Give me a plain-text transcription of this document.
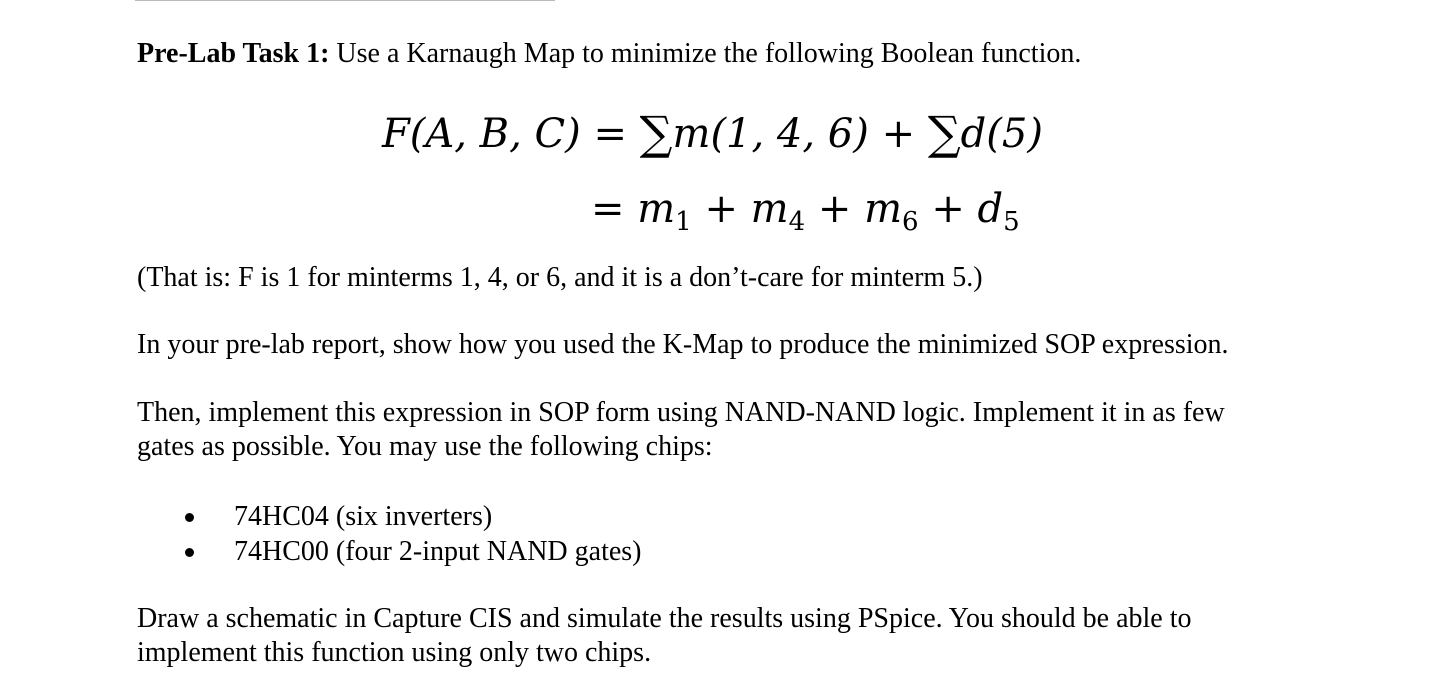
Pre-Lab Task 1: Use a Karnaugh Map to minimize the following Boolean function.
F(A, B, C) = ∑m(1, 4, 6) + ∑d(5)
= $m_1 + m_4 + m_6 + d_5$
(That is: F is 1 for minterms 1, 4, or 6, and it is a don’t-care for minterm 5.)
In your pre-lab report, show how you used the K-Map to produce the minimized SOP expression.
Then, implement this expression in SOP form using NAND-NAND logic. Implement it in as few
gates as possible. You may use the following chips:
74HC04 (six inverters)
74HC00 (four 2-input NAND gates)
Draw a schematic in Capture CIS and simulate the results using PSpice. You should be able to
implement this function using only two chips.
